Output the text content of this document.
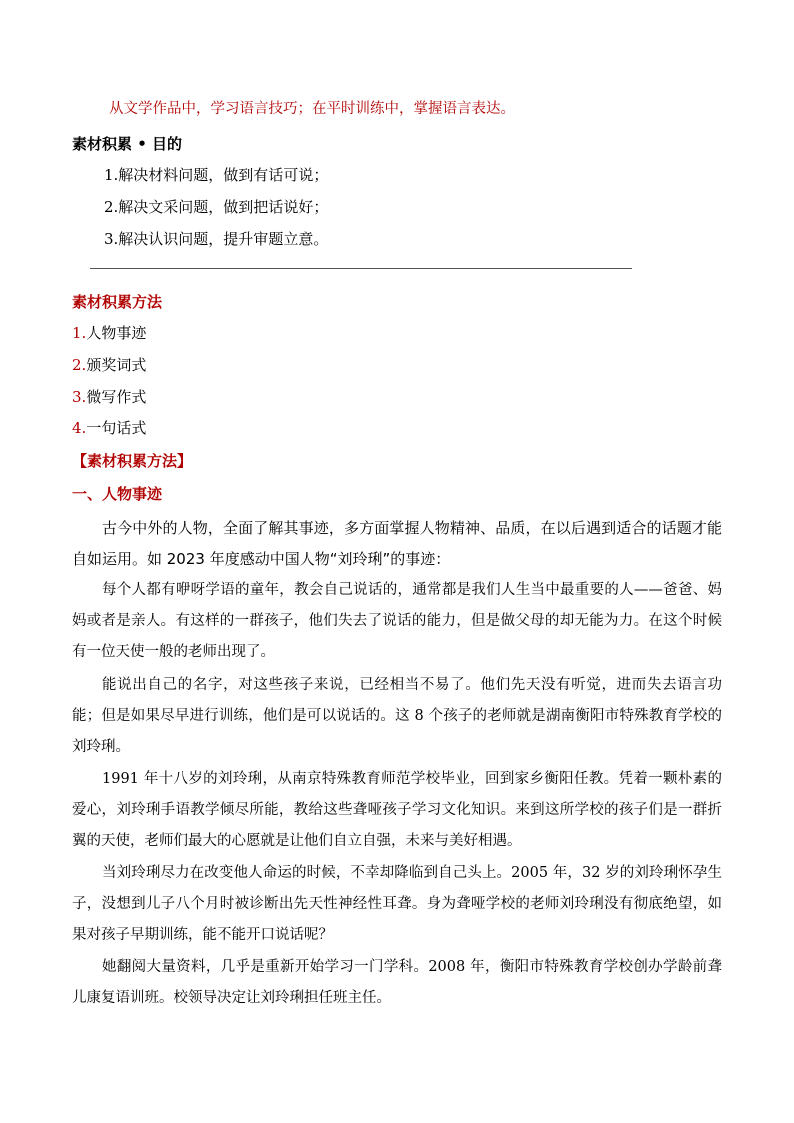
从文学作品中，学习语言技巧；在平时训练中，掌握语言表达。
素材积累 • 目的
1.解决材料问题，做到有话可说；
2.解决文采问题，做到把话说好；
3.解决认识问题，提升审题立意。
素材积累方法
1.人物事迹
2.颁奖词式
3.微写作式
4.一句话式
【素材积累方法】
一、人物事迹
古今中外的人物，全面了解其事迹，多方面掌握人物精神、品质，在以后遇到适合的话题才能自如运用。如 2023 年度感动中国人物“刘玲琍”的事迹：
每个人都有咿呀学语的童年，教会自己说话的，通常都是我们人生当中最重要的人——爸爸、妈妈或者是亲人。有这样的一群孩子，他们失去了说话的能力，但是做父母的却无能为力。在这个时候有一位天使一般的老师出现了。
能说出自己的名字，对这些孩子来说，已经相当不易了。他们先天没有听觉，进而失去语言功能；但是如果尽早进行训练，他们是可以说话的。这 8 个孩子的老师就是湖南衡阳市特殊教育学校的刘玲琍。
1991 年十八岁的刘玲琍，从南京特殊教育师范学校毕业，回到家乡衡阳任教。凭着一颗朴素的爱心，刘玲琍手语教学倾尽所能，教给这些聋哑孩子学习文化知识。来到这所学校的孩子们是一群折翼的天使，老师们最大的心愿就是让他们自立自强，未来与美好相遇。
当刘玲琍尽力在改变他人命运的时候，不幸却降临到自己头上。2005 年，32 岁的刘玲琍怀孕生子，没想到儿子八个月时被诊断出先天性神经性耳聋。身为聋哑学校的老师刘玲琍没有彻底绝望，如果对孩子早期训练，能不能开口说话呢？
她翻阅大量资料，几乎是重新开始学习一门学科。2008 年，衡阳市特殊教育学校创办学龄前聋儿康复语训班。校领导决定让刘玲琍担任班主任。
